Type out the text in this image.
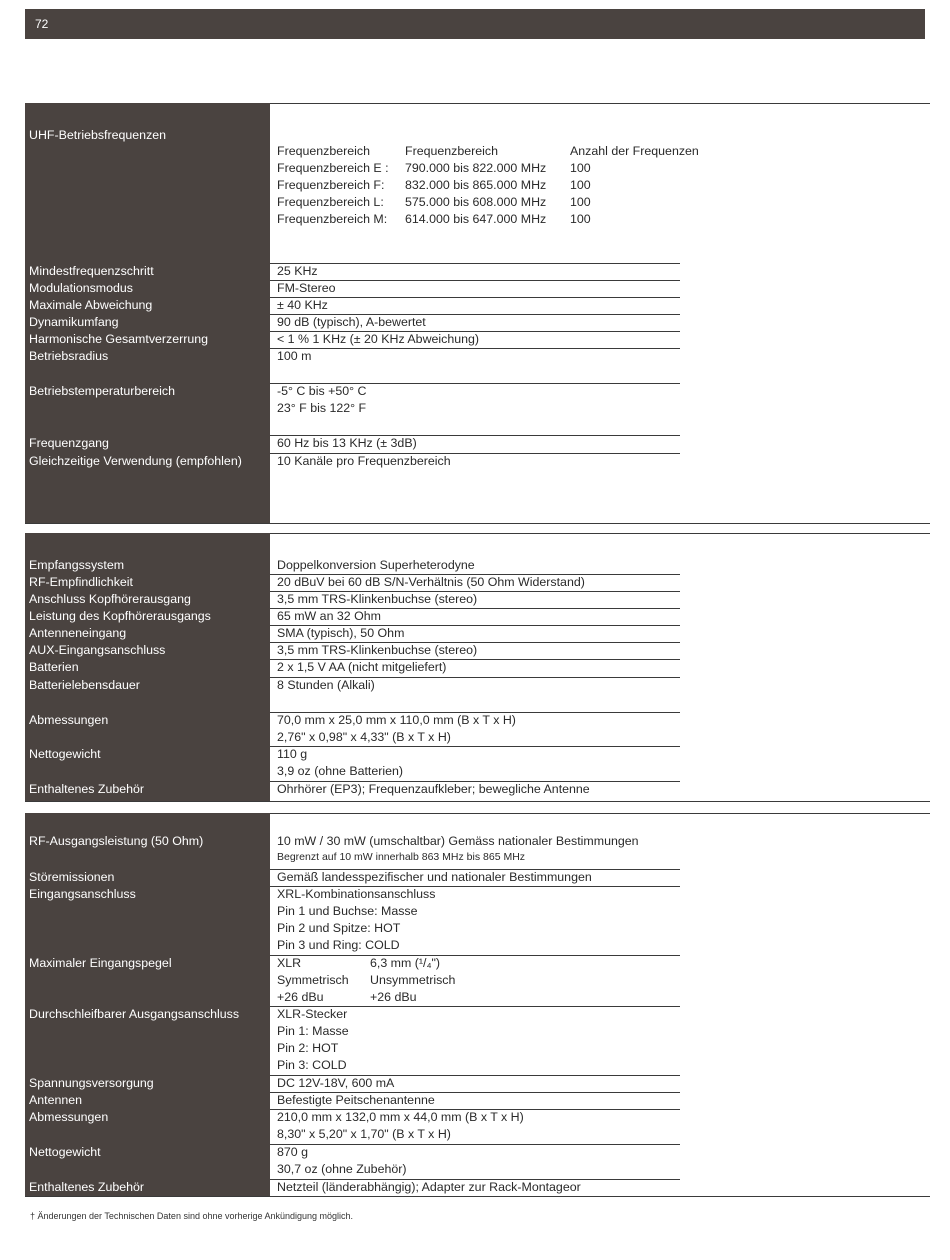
72
UHF-Betriebsfrequenzen
Frequenzbereich	Frequenzbereich	Anzahl der Frequenzen
Frequenzbereich E :	790.000 bis 822.000 MHz	100
Frequenzbereich F:	832.000 bis 865.000 MHz	100
Frequenzbereich L:	575.000 bis 608.000 MHz	100
Frequenzbereich M:	614.000 bis 647.000 MHz	100
Mindestfrequenzschritt	25 KHz
Modulationsmodus	FM-Stereo
Maximale Abweichung	± 40 KHz
Dynamikumfang	90 dB (typisch), A-bewertet
Harmonische Gesamtverzerrung	< 1 % 1 KHz (± 20 KHz Abweichung)
Betriebsradius	100 m
Betriebstemperaturbereich	-5° C bis +50° C
23° F bis 122° F
Frequenzgang	60 Hz bis 13 KHz (± 3dB)
Gleichzeitige Verwendung (empfohlen)	10 Kanäle pro Frequenzbereich
Empfangssystem	Doppelkonversion Superheterodyne
RF-Empfindlichkeit	20 dBuV bei 60 dB S/N-Verhältnis (50 Ohm Widerstand)
Anschluss Kopfhörerausgang	3,5 mm TRS-Klinkenbuchse (stereo)
Leistung des Kopfhörerausgangs	65 mW an 32 Ohm
Antenneneingang	SMA (typisch), 50 Ohm
AUX-Eingangsanschluss	3,5 mm TRS-Klinkenbuchse (stereo)
Batterien	2 x 1,5 V AA (nicht mitgeliefert)
Batterielebensdauer	8 Stunden (Alkali)
Abmessungen	70,0 mm x 25,0 mm x 110,0 mm (B x T x H)
2,76" x 0,98" x 4,33" (B x T x H)
Nettogewicht	110 g
3,9 oz (ohne Batterien)
Enthaltenes Zubehör	Ohrhörer (EP3); Frequenzaufkleber; bewegliche Antenne
RF-Ausgangsleistung (50 Ohm)	10 mW / 30 mW (umschaltbar) Gemäss nationaler Bestimmungen
Begrenzt auf 10 mW innerhalb 863 MHz bis 865 MHz
Störemissionen	Gemäß landesspezifischer und nationaler Bestimmungen
Eingangsanschluss	XRL-Kombinationsanschluss
Pin 1 und Buchse: Masse
Pin 2 und Spitze: HOT
Pin 3 und Ring: COLD
Maximaler Eingangspegel	XLR	6,3 mm (¹/₄")
Symmetrisch	Unsymmetrisch
+26 dBu	+26 dBu
Durchschleifbarer Ausgangsanschluss	XLR-Stecker
Pin 1: Masse
Pin 2: HOT
Pin 3: COLD
Spannungsversorgung	DC 12V-18V, 600 mA
Antennen	Befestigte Peitschenantenne
Abmessungen	210,0 mm x 132,0 mm x 44,0 mm (B x T x H)
8,30" x 5,20" x 1,70" (B x T x H)
Nettogewicht	870 g
30,7 oz (ohne Zubehör)
Enthaltenes Zubehör	Netzteil (länderabhängig); Adapter zur Rack-Montageor
† Änderungen der Technischen Daten sind ohne vorherige Ankündigung möglich.
